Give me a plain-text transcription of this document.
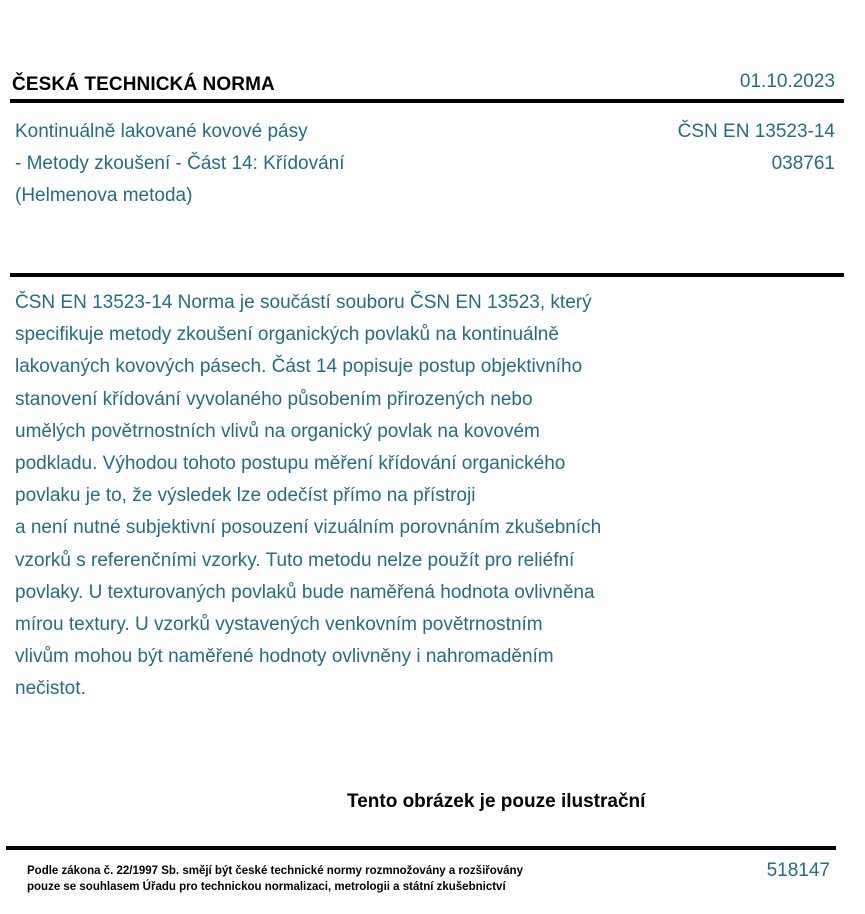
ČESKÁ TECHNICKÁ NORMA	01.10.2023
Kontinuálně lakované kovové pásy
- Metody zkoušení - Část 14: Křídování
(Helmenova metoda)
ČSN EN 13523-14
038761
ČSN EN 13523-14 Norma je součástí souboru ČSN EN 13523, který
specifikuje metody zkoušení organických povlaků na kontinuálně
lakovaných kovových pásech. Část 14 popisuje postup objektivního
stanovení křídování vyvolaného působením přirozených nebo
umělých povětrnostních vlivů na organický povlak na kovovém
podkladu. Výhodou tohoto postupu měření křídování organického
povlaku je to, že výsledek lze odečíst přímo na přístroji
a není nutné subjektivní posouzení vizuálním porovnáním zkušebních
vzorků s referenčními vzorky. Tuto metodu nelze použít pro reliéfní
povlaky. U texturovaných povlaků bude naměřená hodnota ovlivněna
mírou textury. U vzorků vystavených venkovním povětrnostním
vlivům mohou být naměřené hodnoty ovlivněny i nahromaděním
nečistot.
Tento obrázek je pouze ilustrační
Podle zákona č. 22/1997 Sb. smějí být české technické normy rozmnožovány a rozšiřovány
pouze se souhlasem Úřadu pro technickou normalizaci, metrologii a státní zkušebnictví
518147
